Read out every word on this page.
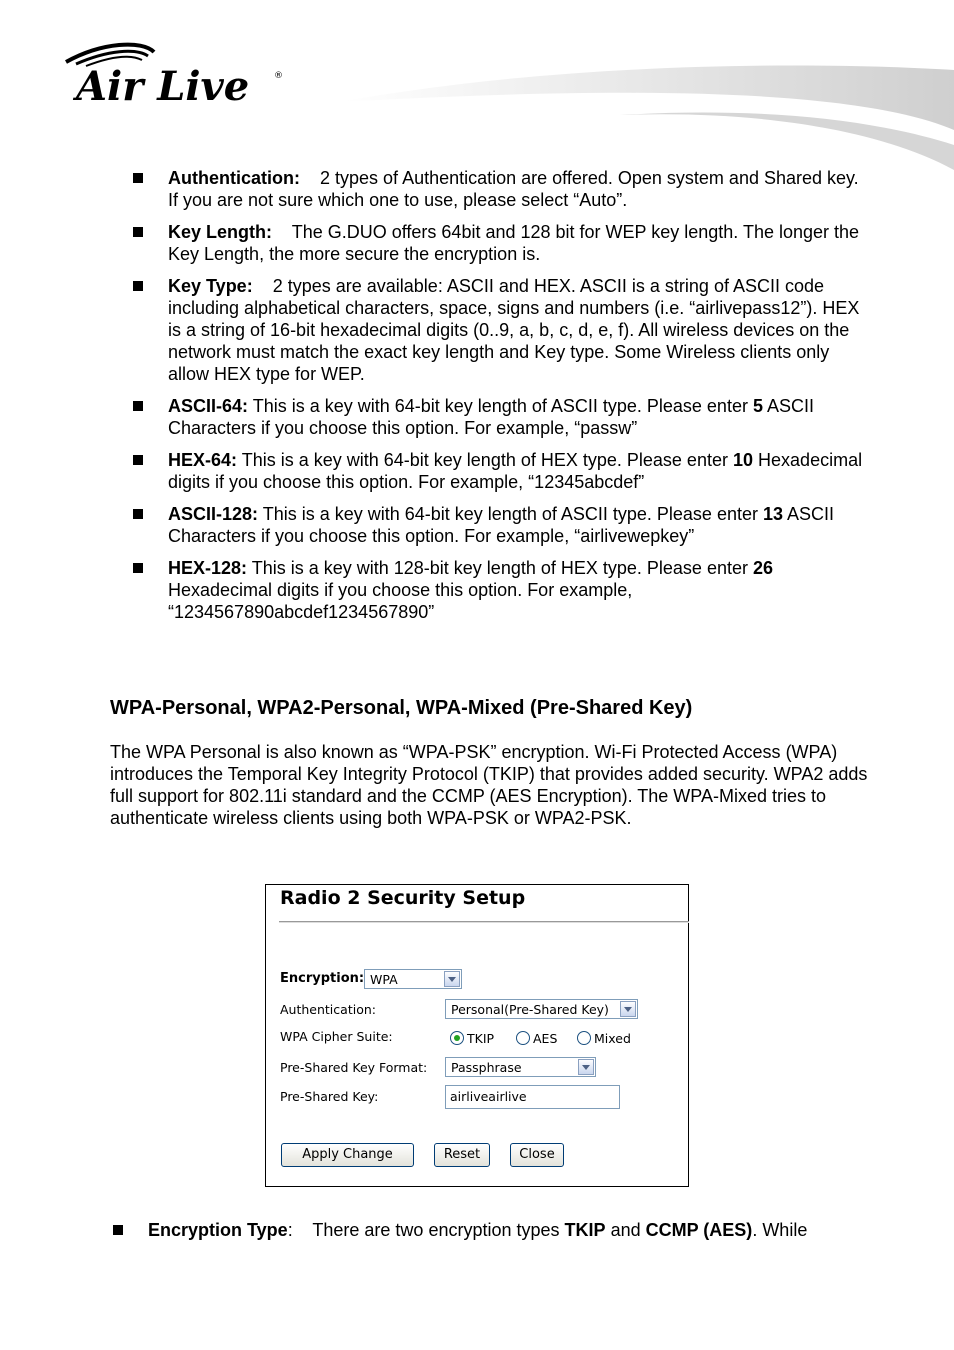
Air Live	®
Authentication: 2 types of Authentication are offered. Open system and Shared key. If you are not sure which one to use, please select “Auto”.
Key Length: The G.DUO offers 64bit and 128 bit for WEP key length. The longer the Key Length, the more secure the encryption is.
Key Type: 2 types are available: ASCII and HEX. ASCII is a string of ASCII code including alphabetical characters, space, signs and numbers (i.e. “airlivepass12”). HEX is a string of 16-bit hexadecimal digits (0..9, a, b, c, d, e, f). All wireless devices on the network must match the exact key length and Key type. Some Wireless clients only allow HEX type for WEP.
ASCII-64: This is a key with 64-bit key length of ASCII type. Please enter 5 ASCII Characters if you choose this option. For example, “passw”
HEX-64: This is a key with 64-bit key length of HEX type. Please enter 10 Hexadecimal digits if you choose this option. For example, “12345abcdef”
ASCII-128: This is a key with 64-bit key length of ASCII type. Please enter 13 ASCII Characters if you choose this option. For example, “airlivewepkey”
HEX-128: This is a key with 128-bit key length of HEX type. Please enter 26 Hexadecimal digits if you choose this option. For example, “1234567890abcdef1234567890”
WPA-Personal, WPA2-Personal, WPA-Mixed (Pre-Shared Key)

The WPA Personal is also known as “WPA-PSK” encryption. Wi-Fi Protected Access (WPA) introduces the Temporal Key Integrity Protocol (TKIP) that provides added security. WPA2 adds full support for 802.11i standard and the CCMP (AES Encryption). The WPA-Mixed tries to authenticate wireless clients using both WPA-PSK or WPA2-PSK.

Radio 2 Security Setup
Encryption: WPA
Authentication:	Personal(Pre-Shared Key)
WPA Cipher Suite:	TKIP	AES	Mixed
Pre-Shared Key Format:	Passphrase
Pre-Shared Key:	airliveairlive
Apply Change	Reset	Close
Encryption Type: There are two encryption types TKIP and CCMP (AES). While
